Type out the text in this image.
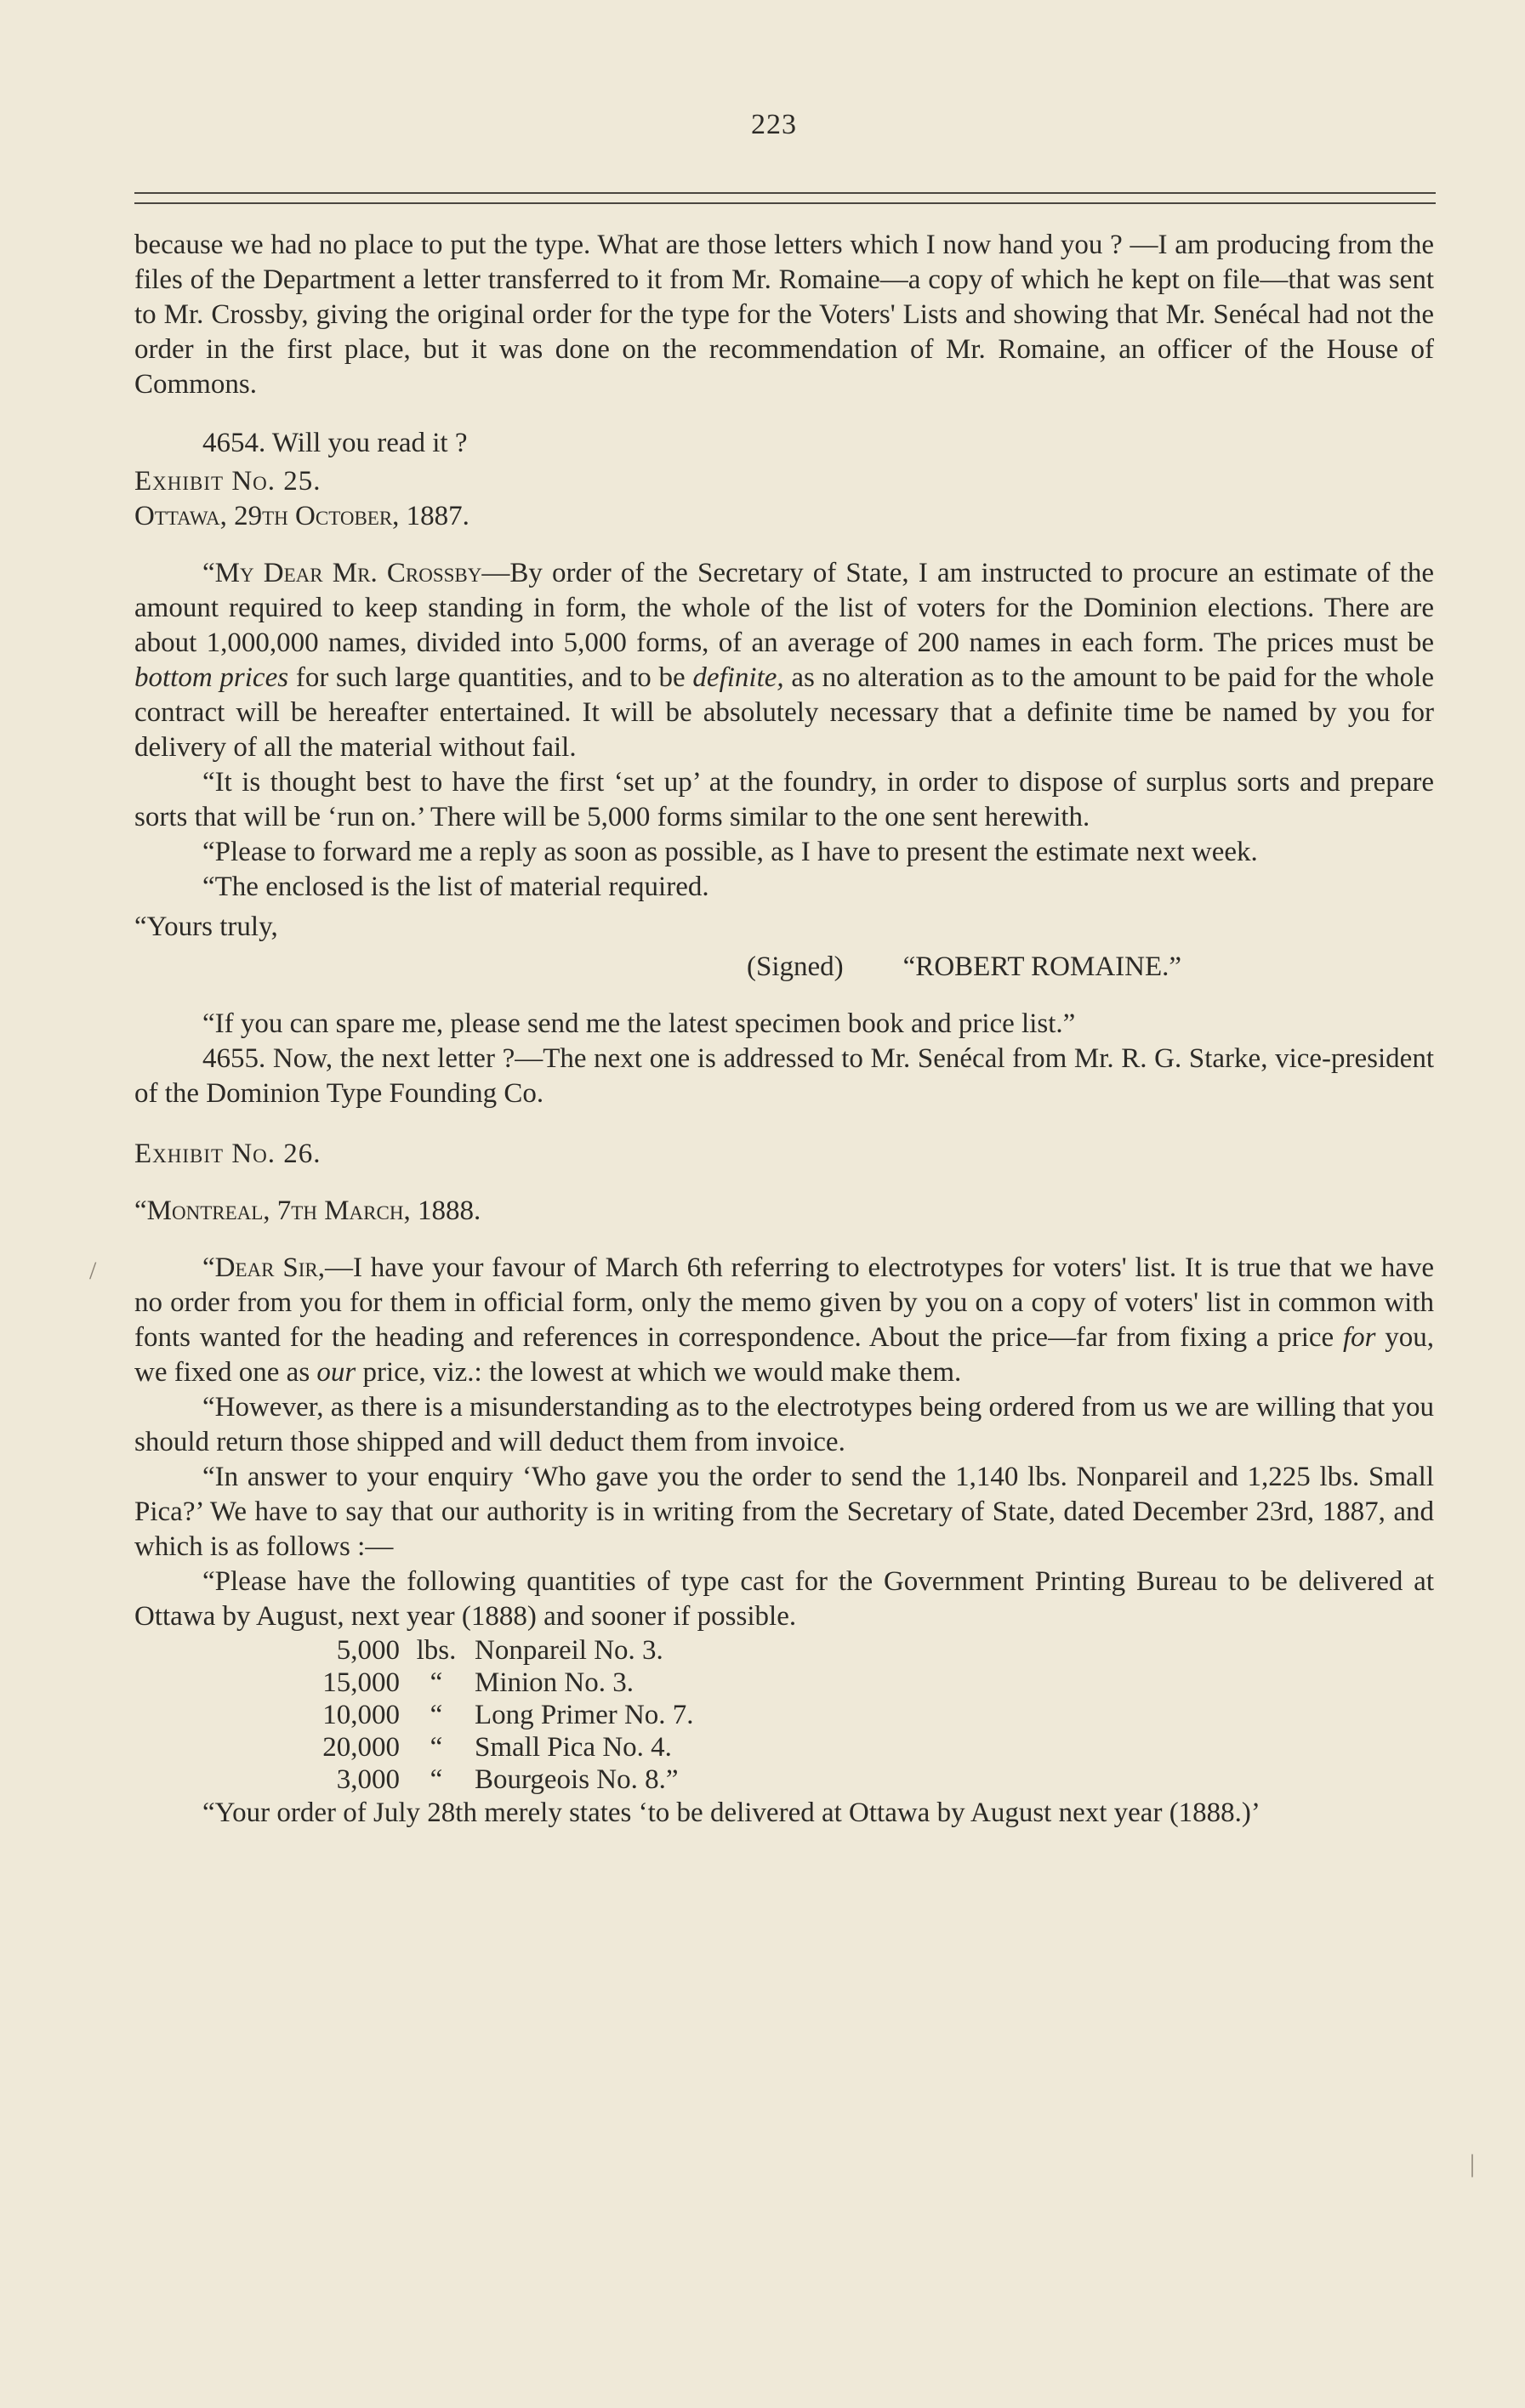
223

because we had no place to put the type. What are those letters which I now hand you ? —I am producing from the files of the Department a letter transferred to it from Mr. Romaine—a copy of which he kept on file—that was sent to Mr. Crossby, giving the original order for the type for the Voters' Lists and showing that Mr. Senécal had not the order in the first place, but it was done on the recommendation of Mr. Romaine, an officer of the House of Commons.

4654. Will you read it ?

Exhibit No. 25.

Ottawa, 29th October, 1887.

“My Dear Mr. Crossby—By order of the Secretary of State, I am instructed to procure an estimate of the amount required to keep standing in form, the whole of the list of voters for the Dominion elections. There are about 1,000,000 names, divided into 5,000 forms, of an average of 200 names in each form. The prices must be bottom prices for such large quantities, and to be definite, as no alteration as to the amount to be paid for the whole contract will be hereafter entertained. It will be absolutely necessary that a definite time be named by you for delivery of all the material without fail.

“It is thought best to have the first ‘set up’ at the foundry, in order to dispose of surplus sorts and prepare sorts that will be ‘run on.’ There will be 5,000 forms similar to the one sent herewith.

“Please to forward me a reply as soon as possible, as I have to present the estimate next week.

“The enclosed is the list of material required.

“Yours truly,

(Signed) “ROBERT ROMAINE.”

“If you can spare me, please send me the latest specimen book and price list.”

4655. Now, the next letter ?—The next one is addressed to Mr. Senécal from Mr. R. G. Starke, vice-president of the Dominion Type Founding Co.

Exhibit No. 26.

“Montreal, 7th March, 1888.

“Dear Sir,—I have your favour of March 6th referring to electrotypes for voters' list. It is true that we have no order from you for them in official form, only the memo given by you on a copy of voters' list in common with fonts wanted for the heading and references in correspondence. About the price—far from fixing a price for you, we fixed one as our price, viz.: the lowest at which we would make them.

“However, as there is a misunderstanding as to the electrotypes being ordered from us we are willing that you should return those shipped and will deduct them from invoice.

“In answer to your enquiry ‘Who gave you the order to send the 1,140 lbs. Nonpareil and 1,225 lbs. Small Pica?’ We have to say that our authority is in writing from the Secretary of State, dated December 23rd, 1887, and which is as follows :—

“Please have the following quantities of type cast for the Government Printing Bureau to be delivered at Ottawa by August, next year (1888) and sooner if possible.

5,000 lbs. Nonpareil No. 3.
15,000	“	Minion No. 3.
10,000	“	Long Primer No. 7.
20,000	“	Small Pica No. 4.
3,000	“	Bourgeois No. 8.”

“Your order of July 28th merely states ‘to be delivered at Ottawa by August next year (1888.)’

/
|
